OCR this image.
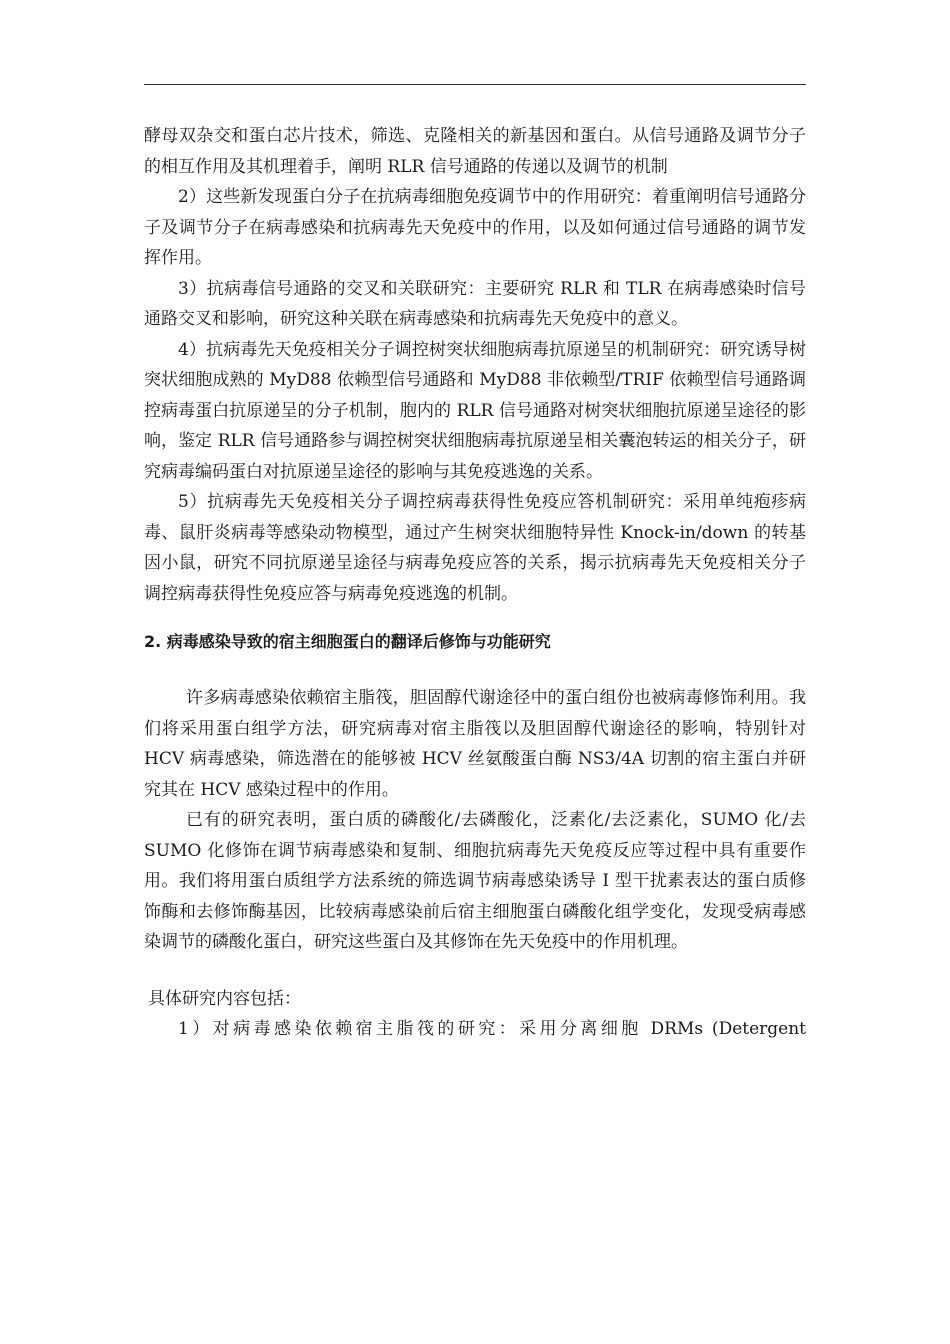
酵母双杂交和蛋白芯片技术，筛选、克隆相关的新基因和蛋白。从信号通路及调节分子的相互作用及其机理着手，阐明 RLR 信号通路的传递以及调节的机制

2）这些新发现蛋白分子在抗病毒细胞免疫调节中的作用研究：着重阐明信号通路分子及调节分子在病毒感染和抗病毒先天免疫中的作用，以及如何通过信号通路的调节发挥作用。

3）抗病毒信号通路的交叉和关联研究：主要研究 RLR 和 TLR 在病毒感染时信号通路交叉和影响，研究这种关联在病毒感染和抗病毒先天免疫中的意义。

4）抗病毒先天免疫相关分子调控树突状细胞病毒抗原递呈的机制研究：研究诱导树突状细胞成熟的 MyD88 依赖型信号通路和 MyD88 非依赖型/TRIF 依赖型信号通路调控病毒蛋白抗原递呈的分子机制，胞内的 RLR 信号通路对树突状细胞抗原递呈途径的影响，鉴定 RLR 信号通路参与调控树突状细胞病毒抗原递呈相关囊泡转运的相关分子，研究病毒编码蛋白对抗原递呈途径的影响与其免疫逃逸的关系。

5）抗病毒先天免疫相关分子调控病毒获得性免疫应答机制研究：采用单纯疱疹病毒、鼠肝炎病毒等感染动物模型，通过产生树突状细胞特异性 Knock-in/down 的转基因小鼠，研究不同抗原递呈途径与病毒免疫应答的关系，揭示抗病毒先天免疫相关分子调控病毒获得性免疫应答与病毒免疫逃逸的机制。

2. 病毒感染导致的宿主细胞蛋白的翻译后修饰与功能研究

许多病毒感染依赖宿主脂筏，胆固醇代谢途径中的蛋白组份也被病毒修饰利用。我们将采用蛋白组学方法，研究病毒对宿主脂筏以及胆固醇代谢途径的影响，特别针对 HCV 病毒感染，筛选潜在的能够被 HCV 丝氨酸蛋白酶 NS3/4A 切割的宿主蛋白并研究其在 HCV 感染过程中的作用。

已有的研究表明，蛋白质的磷酸化/去磷酸化，泛素化/去泛素化，SUMO 化/去 SUMO 化修饰在调节病毒感染和复制、细胞抗病毒先天免疫反应等过程中具有重要作用。我们将用蛋白质组学方法系统的筛选调节病毒感染诱导 I 型干扰素表达的蛋白质修饰酶和去修饰酶基因，比较病毒感染前后宿主细胞蛋白磷酸化组学变化，发现受病毒感染调节的磷酸化蛋白，研究这些蛋白及其修饰在先天免疫中的作用机理。

具体研究内容包括：

1）对病毒感染依赖宿主脂筏的研究：采用分离细胞 DRMs (Detergent
